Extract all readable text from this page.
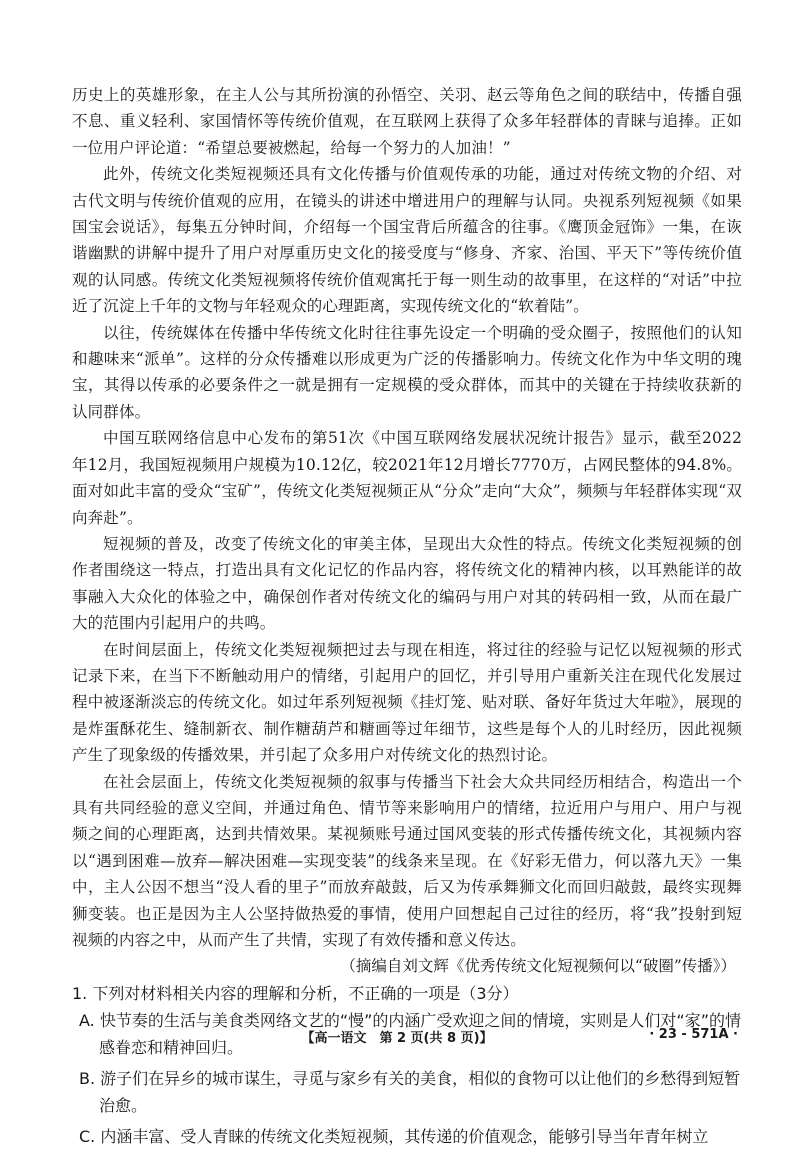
历史上的英雄形象，在主人公与其所扮演的孙悟空、关羽、赵云等角色之间的联结中，传播自强不息、重义轻利、家国情怀等传统价值观，在互联网上获得了众多年轻群体的青睐与追捧。正如一位用户评论道：“希望总要被燃起，给每一个努力的人加油！”

此外，传统文化类短视频还具有文化传播与价值观传承的功能，通过对传统文物的介绍、对古代文明与传统价值观的应用，在镜头的讲述中增进用户的理解与认同。央视系列短视频《如果国宝会说话》，每集五分钟时间，介绍每一个国宝背后所蕴含的往事。《鹰顶金冠饰》一集，在诙谐幽默的讲解中提升了用户对厚重历史文化的接受度与“修身、齐家、治国、平天下”等传统价值观的认同感。传统文化类短视频将传统价值观寓托于每一则生动的故事里，在这样的“对话”中拉近了沉淀上千年的文物与年轻观众的心理距离，实现传统文化的“软着陆”。

以往，传统媒体在传播中华传统文化时往往事先设定一个明确的受众圈子，按照他们的认知和趣味来“派单”。这样的分众传播难以形成更为广泛的传播影响力。传统文化作为中华文明的瑰宝，其得以传承的必要条件之一就是拥有一定规模的受众群体，而其中的关键在于持续收获新的认同群体。

中国互联网络信息中心发布的第51次《中国互联网络发展状况统计报告》显示，截至2022年12月，我国短视频用户规模为10.12亿，较2021年12月增长7770万，占网民整体的94.8%。面对如此丰富的受众“宝矿”，传统文化类短视频正从“分众”走向“大众”，频频与年轻群体实现“双向奔赴”。

短视频的普及，改变了传统文化的审美主体，呈现出大众性的特点。传统文化类短视频的创作者围绕这一特点，打造出具有文化记忆的作品内容，将传统文化的精神内核，以耳熟能详的故事融入大众化的体验之中，确保创作者对传统文化的编码与用户对其的转码相一致，从而在最广大的范围内引起用户的共鸣。

在时间层面上，传统文化类短视频把过去与现在相连，将过往的经验与记忆以短视频的形式记录下来，在当下不断触动用户的情绪，引起用户的回忆，并引导用户重新关注在现代化发展过程中被逐渐淡忘的传统文化。如过年系列短视频《挂灯笼、贴对联、备好年货过大年啦》，展现的是炸蛋酥花生、缝制新衣、制作糖葫芦和糖画等过年细节，这些是每个人的儿时经历，因此视频产生了现象级的传播效果，并引起了众多用户对传统文化的热烈讨论。

在社会层面上，传统文化类短视频的叙事与传播当下社会大众共同经历相结合，构造出一个具有共同经验的意义空间，并通过角色、情节等来影响用户的情绪，拉近用户与用户、用户与视频之间的心理距离，达到共情效果。某视频账号通过国风变装的形式传播传统文化，其视频内容以“遇到困难—放弃—解决困难—实现变装”的线条来呈现。在《好彩无借力，何以落九天》一集中，主人公因不想当“没人看的里子”而放弃敲鼓，后又为传承舞狮文化而回归敲鼓，最终实现舞狮变装。也正是因为主人公坚持做热爱的事情，使用户回想起自己过往的经历，将“我”投射到短视频的内容之中，从而产生了共情，实现了有效传播和意义传达。

（摘编自刘文辉《优秀传统文化短视频何以“破圈”传播》）

1. 下列对材料相关内容的理解和分析，不正确的一项是（3分）

A. 快节奏的生活与美食类网络文艺的“慢”的内涵广受欢迎之间的情境，实则是人们对“家”的情感眷恋和精神回归。

B. 游子们在异乡的城市谋生，寻觅与家乡有关的美食，相似的食物可以让他们的乡愁得到短暂治愈。

C. 内涵丰富、受人青睐的传统文化类短视频，其传递的价值观念，能够引导当年青年树立

【高一语文　第 2 页(共 8 页)】	· 23 - 571A ·
